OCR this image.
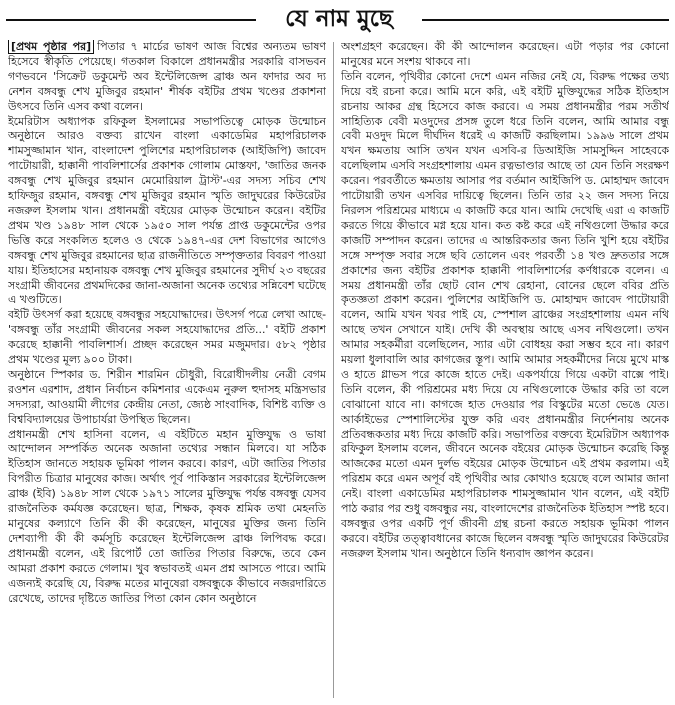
যে নাম মুছে

[প্রথম পৃষ্ঠার পর] পিতার ৭ মার্চের ভাষণ আজ বিশ্বের অন্যতম ভাষণ হিসেবে স্বীকৃতি পেয়েছে। গতকাল বিকালে প্রধানমন্ত্রীর সরকারি বাসভবন গণভবনে 'সিক্রেট ডকুমেন্ট অব ইন্টেলিজেন্স ব্রাঞ্চ অন ফাদার অব দ্য নেশন বঙ্গবন্ধু শেখ মুজিবুর রহমান' শীর্ষক বইটির প্রথম খণ্ডের প্রকাশনা উৎসবে তিনি এসব কথা বলেন।

ইমেরিটাস অধ্যাপক রফিকুল ইসলামের সভাপতিত্বে মোড়ক উন্মোচন অনুষ্ঠানে আরও বক্তব্য রাখেন বাংলা একাডেমির মহাপরিচালক শামসুজ্জামান খান, বাংলাদেশ পুলিশের মহাপরিচালক (আইজিপি) জাবেদ পাটোয়ারী, হাক্কানী পাবলিশার্সের প্রকাশক গোলাম মোস্তফা, 'জাতির জনক বঙ্গবন্ধু শেখ মুজিবুর রহমান মেমোরিয়াল ট্রাস্ট'-এর সদস্য সচিব শেখ হাফিজুর রহমান, বঙ্গবন্ধু শেখ মুজিবুর রহমান স্মৃতি জাদুঘরের কিউরেটর নজরুল ইসলাম খান। প্রধানমন্ত্রী বইয়ের মোড়ক উন্মোচন করেন। বইটির প্রথম খণ্ড ১৯৪৮ সাল থেকে ১৯৫০ সাল পর্যন্ত প্রাপ্ত ডকুমেন্টের ওপর ভিত্তি করে সংকলিত হলেও ও থেকে ১৯৪৭-এর দেশ বিভাগের আগেও বঙ্গবন্ধু শেখ মুজিবুর রহমানের ছাত্র রাজনীতিতে সম্পৃক্ততার বিবরণ পাওয়া যায়। ইতিহাসের মহানায়ক বঙ্গবন্ধু শেখ মুজিবুর রহমানের সুদীর্ঘ ২৩ বছরের সংগ্রামী জীবনের প্রথমদিকের জানা-অজানা অনেক তথ্যের সন্নিবেশ ঘটেছে এ খণ্ডটিতে।

বইটি উৎসর্গ করা হয়েছে বঙ্গবন্ধুর সহযোদ্ধাদের। উৎসর্গ পত্রে লেখা আছে- 'বঙ্গবন্ধু তাঁর সংগ্রামী জীবনের সকল সহযোদ্ধাদের প্রতি...' বইটি প্রকাশ করেছে হাক্কানী পাবলিশার্স। প্রচ্ছদ করেছেন সমর মজুমদার। ৫৮২ পৃষ্ঠার প্রথম খণ্ডের মূল্য ৯০০ টাকা।

অনুষ্ঠানে স্পিকার ড. শিরীন শারমিন চৌধুরী, বিরোধীদলীয় নেত্রী বেগম রওশন এরশাদ, প্রধান নির্বাচন কমিশনার একেএম নুরুল হুদাসহ মন্ত্রিসভার সদস্যরা, আওয়ামী লীগের কেন্দ্রীয় নেতা, জ্যেষ্ঠ সাংবাদিক, বিশিষ্ট ব্যক্তি ও বিশ্ববিদ্যালয়ের উপাচার্যরা উপস্থিত ছিলেন।

প্রধানমন্ত্রী শেখ হাসিনা বলেন, এ বইটিতে মহান মুক্তিযুদ্ধ ও ভাষা আন্দোলন সম্পর্কিত অনেক অজানা তথ্যের সন্ধান মিলবে। যা সঠিক ইতিহাস জানতে সহায়ক ভূমিকা পালন করবে। কারণ, এটা জাতির পিতার বিপরীত চিত্রার মানুষের কাজ। অর্থাৎ পূর্ব পাকিস্তান সরকারের ইন্টেলিজেন্স ব্রাঞ্চ (ইবি) ১৯৪৮ সাল থেকে ১৯৭১ সালের মুক্তিযুদ্ধ পর্যন্ত বঙ্গবন্ধু যেসব রাজনৈতিক কর্মযজ্ঞ করেছেন। ছাত্র, শিক্ষক, কৃষক শ্রমিক তথা মেহনতি মানুষের কল্যাণে তিনি কী কী করেছেন, মানুষের মুক্তির জন্য তিনি দেশব্যাপী কী কী কর্মসূচি করেছেন ইন্টেলিজেন্স ব্রাঞ্চ লিপিবদ্ধ করে। প্রধানমন্ত্রী বলেন, এই রিপোর্ট তো জাতির পিতার বিরুদ্ধে, তবে কেন আমরা প্রকাশ করতে গেলাম। খুব স্বভাবতই এমন প্রশ্ন আসতে পারে। আমি এজন্যই করেছি যে, বিরুদ্ধ মতের মানুষেরা বঙ্গবন্ধুকে কীভাবে নজরদারিতে রেখেছে, তাদের দৃষ্টিতে জাতির পিতা কোন কোন অনুষ্ঠানে

অংশগ্রহণ করেছেন। কী কী আন্দোলন করেছেন। এটা পড়ার পর কোনো মানুষের মনে সংশয় থাকবে না।

তিনি বলেন, পৃথিবীর কোনো দেশে এমন নজির নেই যে, বিরুদ্ধ পক্ষের তথ্য দিয়ে বই রচনা করে। আমি মনে করি, এই বইটি মুক্তিযুদ্ধের সঠিক ইতিহাস রচনায় আকর গ্রন্থ হিসেবে কাজ করবে। এ সময় প্রধানমন্ত্রীর পরম সতীর্থ সাহিত্যিক বেবী মওদুদের প্রসঙ্গ তুলে ধরে তিনি বলেন, আমি আমার বন্ধু বেবী মওদুদ মিলে দীর্ঘদিন ধরেই এ কাজটি করছিলাম। ১৯৯৬ সালে প্রথম যখন ক্ষমতায় আসি তখন যখন এসবি-র ডিআইজি সামসুদ্দিন সাহেবকে বলেছিলাম এসবি সংগ্রহশালায় এমন রত্নভাণ্ডার আছে তা যেন তিনি সংরক্ষণ করেন। পরবর্তীতে ক্ষমতায় আসার পর বর্তমান আইজিপি ড. মোহাম্মদ জাবেদ পাটোয়ারী তখন এসবির দায়িত্বে ছিলেন। তিনি তার ২২ জন সদস্য নিয়ে নিরলস পরিশ্রমের মাধ্যমে এ কাজটি করে যান। আমি দেখেছি এরা এ কাজটি করতে গিয়ে কীভাবে মগ্ন হয়ে যান। কত কষ্ট করে এই নথিগুলো উদ্ধার করে কাজটি সম্পাদন করেন। তাদের এ আন্তরিকতার জন্য তিনি খুশি হয়ে বইটির সঙ্গে সম্পৃক্ত সবার সঙ্গে ছবি তোলেন এবং পরবর্তী ১৪ খণ্ড দ্রুততার সঙ্গে প্রকাশের জন্য বইটির প্রকাশক হাক্কানী পাবলিশার্সের কর্ণধারকে বলেন। এ সময় প্রধানমন্ত্রী তাঁর ছোট বোন শেখ রেহানা, বোনের ছেলে ববির প্রতি কৃতজ্ঞতা প্রকাশ করেন। পুলিশের আইজিপি ড. মোহাম্মদ জাবেদ পাটোয়ারী বলেন, আমি যখন খবর পাই যে, স্পেশাল ব্রাঞ্চের সংগ্রহশালায় এমন নথি আছে তখন সেখানে যাই। দেখি কী অবস্থায় আছে এসব নথিগুলো। তখন আমার সহকর্মীরা বলেছিলেন, স্যার এটা বোধহয় করা সম্ভব হবে না। কারণ ময়লা ধুলাবালি আর কাগজের স্তূপ। আমি আমার সহকর্মীদের নিয়ে মুখে মাস্ক ও হাতে গ্লাভস পরে কাজে হাতে দেই। একপর্যায়ে গিয়ে একটা বাক্সে পাই। তিনি বলেন, কী পরিশ্রমের মধ্য দিয়ে যে নথিগুলোকে উদ্ধার করি তা বলে বোঝানো যাবে না। কাগজে হাত দেওয়ার পর বিস্কুটের মতো ভেঙে যেত। আর্কাইভের স্পেশালিস্টের যুক্ত করি এবং প্রধানমন্ত্রীর নির্দেশনায় অনেক প্রতিবন্ধকতার মধ্য দিয়ে কাজটি করি। সভাপতির বক্তব্যে ইমেরিটাস অধ্যাপক রফিকুল ইসলাম বলেন, জীবনে অনেক বইয়ের মোড়ক উন্মোচন করেছি কিন্তু আজকের মতো এমন দুর্লভ বইয়ের মোড়ক উন্মোচন এই প্রথম করলাম। এই পরিশ্রম করে এমন অপূর্ব বই পৃথিবীর আর কোথাও হয়েছে বলে আমার জানা নেই। বাংলা একাডেমির মহাপরিচালক শামসুজ্জামান খান বলেন, এই বইটি পাঠ করার পর শুধু বঙ্গবন্ধুর নয়, বাংলাদেশের রাজনৈতিক ইতিহাস স্পষ্ট হবে। বঙ্গবন্ধুর ওপর একটি পূর্ণ জীবনী গ্রন্থ রচনা করতে সহায়ক ভূমিকা পালন করবে। বইটির তত্ত্বাবধানের কাজে ছিলেন বঙ্গবন্ধু স্মৃতি জাদুঘরের কিউরেটর নজরুল ইসলাম খান। অনুষ্ঠানে তিনি ধন্যবাদ জ্ঞাপন করেন।
